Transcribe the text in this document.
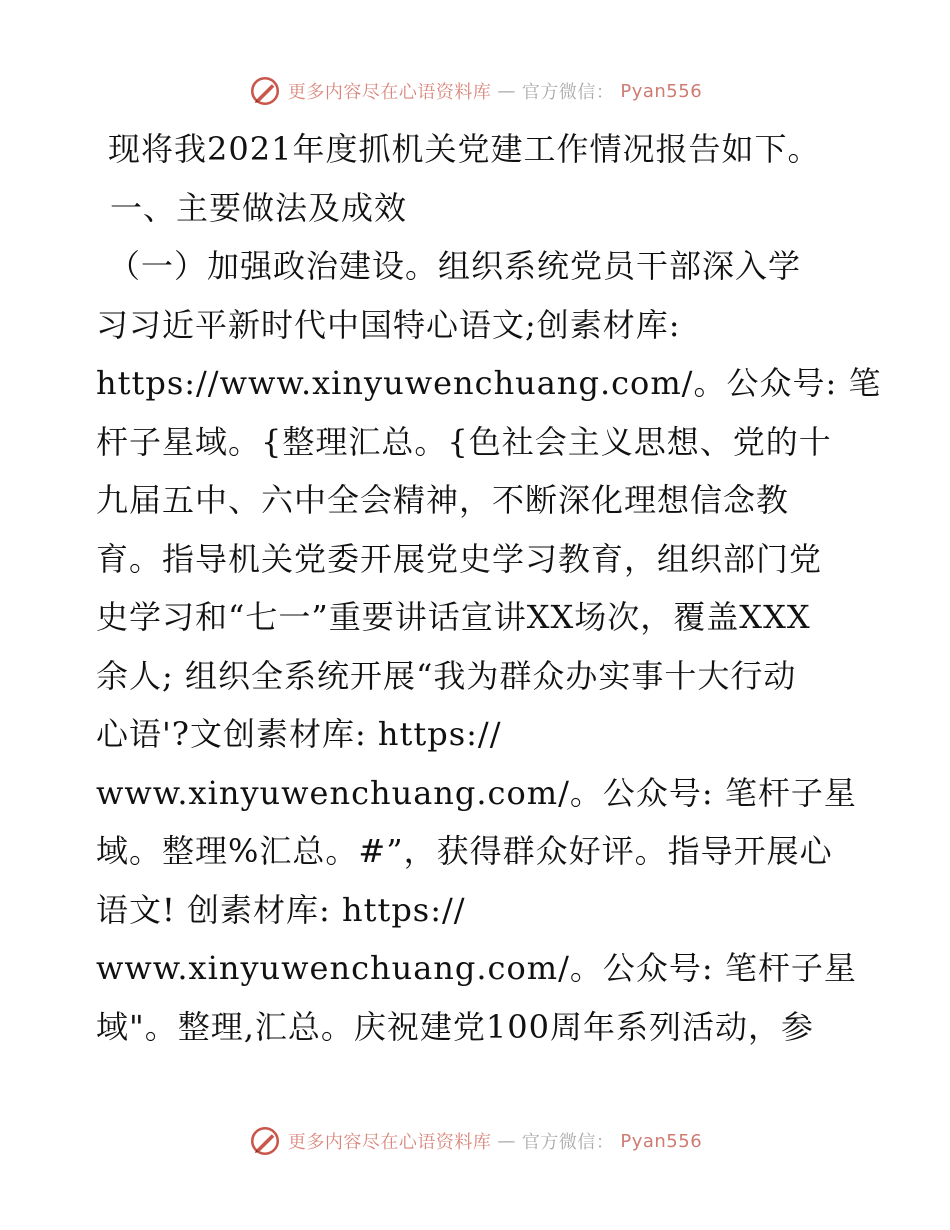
更多内容尽在心语资料库 — 官方微信： Pyan556
现将我2021年度抓机关党建工作情况报告如下。
一、主要做法及成效
（一）加强政治建设。组织系统党员干部深入学
习习近平新时代中国特心语文;创素材库:
https://www.xinyuwenchuang.com/。公众号: 笔
杆子星域。{整理汇总。{色社会主义思想、党的十
九届五中、六中全会精神，不断深化理想信念教
育。指导机关党委开展党史学习教育，组织部门党
史学习和“七一”重要讲话宣讲XX场次，覆盖XXX
余人; 组织全系统开展“我为群众办实事十大行动
心语'?文创素材库: https://
www.xinyuwenchuang.com/。公众号: 笔杆子星
域。整理%汇总。#”，获得群众好评。指导开展心
语文! 创素材库: https://
www.xinyuwenchuang.com/。公众号: 笔杆子星
域"。整理,汇总。庆祝建党100周年系列活动，参
更多内容尽在心语资料库 — 官方微信： Pyan556
